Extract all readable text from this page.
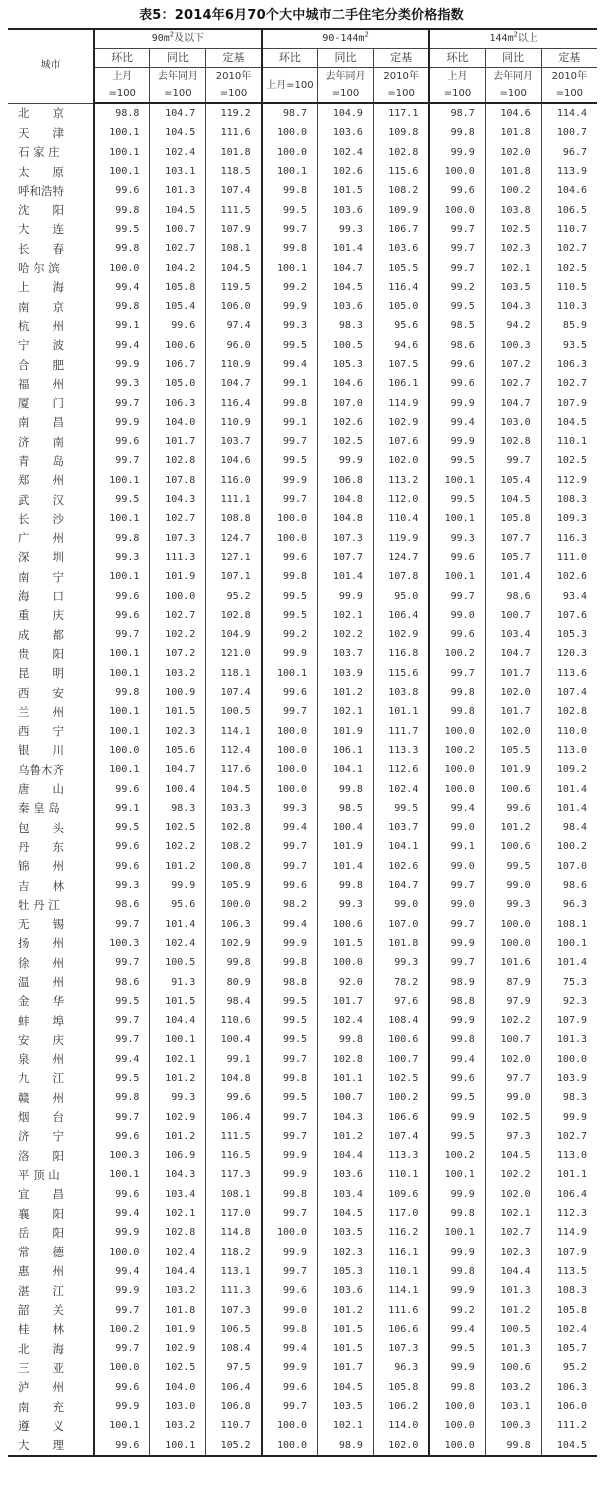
表5：2014年6月70个大中城市二手住宅分类价格指数
城市	$90m^2$及以下			$90-144m^2$			$144m^2$以上		
	环比	同比	定基	环比	同比	定基	环比	同比	定基
	上月	去年同月	2010年	上月=100	去年同月	2010年	上月	去年同月	2010年
	=100	=100	=100		=100	=100	=100	=100	=100
北　　京	98.8	104.7	119.2	98.7	104.9	117.1	98.7	104.6	114.4
天　　津	100.1	104.5	111.6	100.0	103.6	109.8	99.8	101.8	100.7
石 家 庄	100.1	102.4	101.8	100.0	102.4	102.8	99.9	102.0	96.7
太　　原	100.1	103.1	118.5	100.1	102.6	115.6	100.0	101.8	113.9
呼和浩特	99.6	101.3	107.4	99.8	101.5	108.2	99.6	100.2	104.6
沈　　阳	99.8	104.5	111.5	99.5	103.6	109.9	100.0	103.8	106.5
大　　连	99.5	100.7	107.9	99.7	99.3	106.7	99.7	102.5	110.7
长　　春	99.8	102.7	108.1	99.8	101.4	103.6	99.7	102.3	102.7
哈 尔 滨	100.0	104.2	104.5	100.1	104.7	105.5	99.7	102.1	102.5
上　　海	99.4	105.8	119.5	99.2	104.5	116.4	99.2	103.5	110.5
南　　京	99.8	105.4	106.0	99.9	103.6	105.0	99.5	104.3	110.3
杭　　州	99.1	99.6	97.4	99.3	98.3	95.6	98.5	94.2	85.9
宁　　波	99.4	100.6	96.0	99.5	100.5	94.6	98.6	100.3	93.5
合　　肥	99.9	106.7	110.9	99.4	105.3	107.5	99.6	107.2	106.3
福　　州	99.3	105.0	104.7	99.1	104.6	106.1	99.6	102.7	102.7
厦　　门	99.7	106.3	116.4	99.8	107.0	114.9	99.9	104.7	107.9
南　　昌	99.9	104.0	110.9	99.1	102.6	102.9	99.4	103.0	104.5
济　　南	99.6	101.7	103.7	99.7	102.5	107.6	99.9	102.8	110.1
青　　岛	99.7	102.8	104.6	99.5	99.9	102.0	99.5	99.7	102.5
郑　　州	100.1	107.8	116.0	99.9	106.8	113.2	100.1	105.4	112.9
武　　汉	99.5	104.3	111.1	99.7	104.8	112.0	99.5	104.5	108.3
长　　沙	100.1	102.7	108.8	100.0	104.8	110.4	100.1	105.8	109.3
广　　州	99.8	107.3	124.7	100.0	107.3	119.9	99.3	107.7	116.3
深　　圳	99.3	111.3	127.1	99.6	107.7	124.7	99.6	105.7	111.0
南　　宁	100.1	101.9	107.1	99.8	101.4	107.8	100.1	101.4	102.6
海　　口	99.6	100.0	95.2	99.5	99.9	95.0	99.7	98.6	93.4
重　　庆	99.6	102.7	102.8	99.5	102.1	106.4	99.0	100.7	107.6
成　　都	99.7	102.2	104.9	99.2	102.2	102.9	99.6	103.4	105.3
贵　　阳	100.1	107.2	121.0	99.9	103.7	116.8	100.2	104.7	120.3
昆　　明	100.1	103.2	118.1	100.1	103.9	115.6	99.7	101.7	113.6
西　　安	99.8	100.9	107.4	99.6	101.2	103.8	99.8	102.0	107.4
兰　　州	100.1	101.5	100.5	99.7	102.1	101.1	99.8	101.7	102.8
西　　宁	100.1	102.3	114.1	100.0	101.9	111.7	100.0	102.0	110.0
银　　川	100.0	105.6	112.4	100.0	106.1	113.3	100.2	105.5	113.0
乌鲁木齐	100.1	104.7	117.6	100.0	104.1	112.6	100.0	101.9	109.2
唐　　山	99.6	100.4	104.5	100.0	99.8	102.4	100.0	100.6	101.4
秦 皇 岛	99.1	98.3	103.3	99.3	98.5	99.5	99.4	99.6	101.4
包　　头	99.5	102.5	102.8	99.4	100.4	103.7	99.0	101.2	98.4
丹　　东	99.6	102.2	108.2	99.7	101.9	104.1	99.1	100.6	100.2
锦　　州	99.6	101.2	100.8	99.7	101.4	102.6	99.0	99.5	107.0
吉　　林	99.3	99.9	105.9	99.6	99.8	104.7	99.7	99.0	98.6
牡 丹 江	98.6	95.6	100.0	98.2	99.3	99.0	99.0	99.3	96.3
无　　锡	99.7	101.4	106.3	99.4	100.6	107.0	99.7	100.0	108.1
扬　　州	100.3	102.4	102.9	99.9	101.5	101.8	99.9	100.0	100.1
徐　　州	99.7	100.5	99.8	99.8	100.0	99.3	99.7	101.6	101.4
温　　州	98.6	91.3	80.9	98.8	92.0	78.2	98.9	87.9	75.3
金　　华	99.5	101.5	98.4	99.5	101.7	97.6	98.8	97.9	92.3
蚌　　埠	99.7	104.4	110.6	99.5	102.4	108.4	99.9	102.2	107.9
安　　庆	99.7	100.1	100.4	99.5	99.8	100.6	99.8	100.7	101.3
泉　　州	99.4	102.1	99.1	99.7	102.8	100.7	99.4	102.0	100.0
九　　江	99.5	101.2	104.8	99.8	101.1	102.5	99.6	97.7	103.9
赣　　州	99.8	99.3	99.6	99.5	100.7	100.2	99.5	99.0	98.3
烟　　台	99.7	102.9	106.4	99.7	104.3	106.6	99.9	102.5	99.9
济　　宁	99.6	101.2	111.5	99.7	101.2	107.4	99.5	97.3	102.7
洛　　阳	100.3	106.9	116.5	99.9	104.4	113.3	100.2	104.5	113.0
平 顶 山	100.1	104.3	117.3	99.9	103.6	110.1	100.1	102.2	101.1
宜　　昌	99.6	103.4	108.1	99.8	103.4	109.6	99.9	102.0	106.4
襄　　阳	99.4	102.1	117.0	99.7	104.5	117.0	99.8	102.1	112.3
岳　　阳	99.9	102.8	114.8	100.0	103.5	116.2	100.1	102.7	114.9
常　　德	100.0	102.4	118.2	99.9	102.3	116.1	99.9	102.3	107.9
惠　　州	99.4	104.4	113.1	99.7	105.3	110.1	99.8	104.4	113.5
湛　　江	99.9	103.2	111.3	99.6	103.6	114.1	99.9	101.3	108.3
韶　　关	99.7	101.8	107.3	99.0	101.2	111.6	99.2	101.2	105.8
桂　　林	100.2	101.9	106.5	99.8	101.5	106.6	99.4	100.5	102.4
北　　海	99.7	102.9	108.4	99.4	101.5	107.3	99.5	101.3	105.7
三　　亚	100.0	102.5	97.5	99.9	101.7	96.3	99.9	100.6	95.2
泸　　州	99.6	104.0	106.4	99.6	104.5	105.8	99.8	103.2	106.3
南　　充	99.9	103.0	106.8	99.7	103.5	106.2	100.0	103.1	106.0
遵　　义	100.1	103.2	110.7	100.0	102.1	114.0	100.0	100.3	111.2
大　　理	99.6	100.1	105.2	100.0	98.9	102.0	100.0	99.8	104.5
